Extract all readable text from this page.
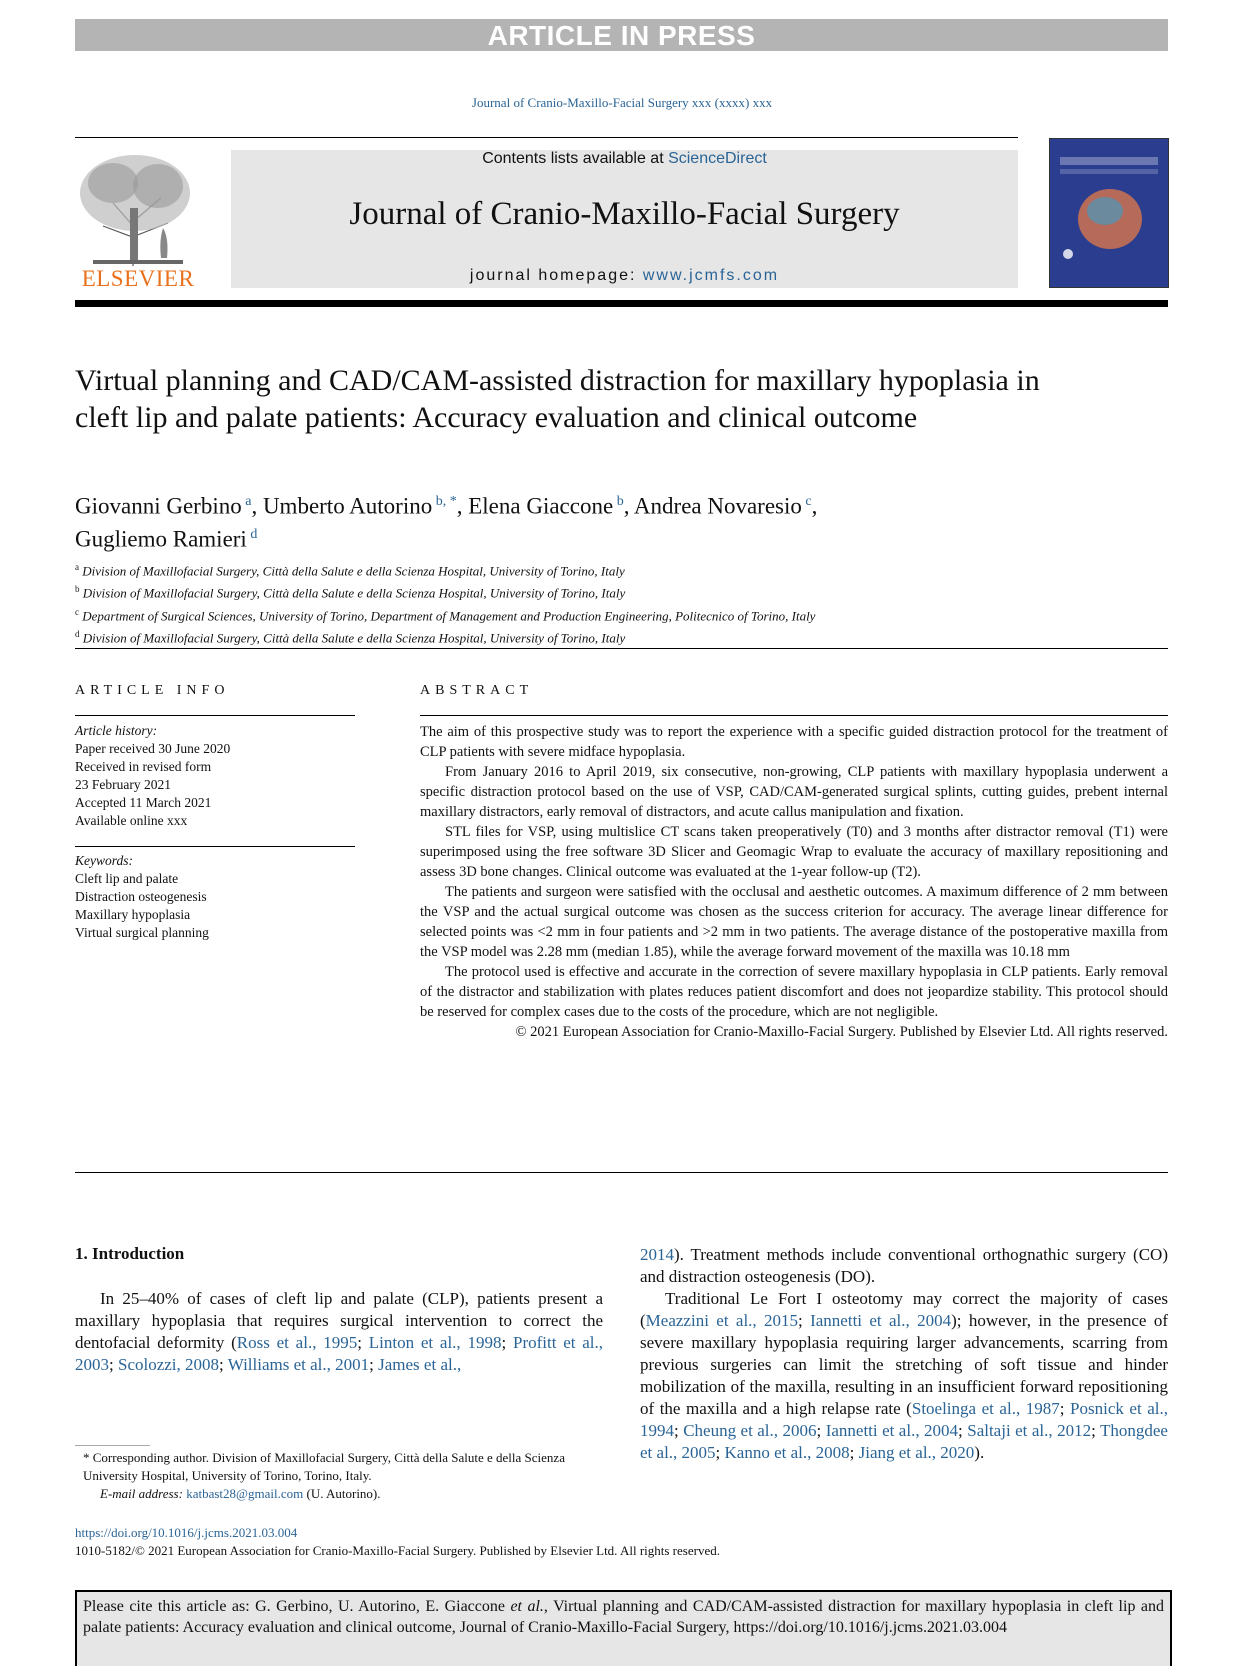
ARTICLE IN PRESS
Journal of Cranio-Maxillo-Facial Surgery xxx (xxxx) xxx
ELSEVIER
Contents lists available at ScienceDirect
Journal of Cranio-Maxillo-Facial Surgery
journal homepage: www.jcmfs.com
Virtual planning and CAD/CAM-assisted distraction for maxillary hypoplasia in cleft lip and palate patients: Accuracy evaluation and clinical outcome
Giovanni Gerbino $^a$, Umberto Autorino $^{b, *}$, Elena Giaccone $^b$, Andrea Novaresio $^c$,
Gugliemo Ramieri $^d$
$^a$ Division of Maxillofacial Surgery, Città della Salute e della Scienza Hospital, University of Torino, Italy
$^b$ Division of Maxillofacial Surgery, Città della Salute e della Scienza Hospital, University of Torino, Italy
$^c$ Department of Surgical Sciences, University of Torino, Department of Management and Production Engineering, Politecnico of Torino, Italy
$^d$ Division of Maxillofacial Surgery, Città della Salute e della Scienza Hospital, University of Torino, Italy
ARTICLE INFO
Article history:
Paper received 30 June 2020
Received in revised form
23 February 2021
Accepted 11 March 2021
Available online xxx
Keywords:
Cleft lip and palate
Distraction osteogenesis
Maxillary hypoplasia
Virtual surgical planning
ABSTRACT

The aim of this prospective study was to report the experience with a specific guided distraction protocol for the treatment of CLP patients with severe midface hypoplasia.

From January 2016 to April 2019, six consecutive, non-growing, CLP patients with maxillary hypoplasia underwent a specific distraction protocol based on the use of VSP, CAD/CAM-generated surgical splints, cutting guides, prebent internal maxillary distractors, early removal of distractors, and acute callus manipulation and fixation.

STL files for VSP, using multislice CT scans taken preoperatively (T0) and 3 months after distractor removal (T1) were superimposed using the free software 3D Slicer and Geomagic Wrap to evaluate the accuracy of maxillary repositioning and assess 3D bone changes. Clinical outcome was evaluated at the 1-year follow-up (T2).

The patients and surgeon were satisfied with the occlusal and aesthetic outcomes. A maximum difference of 2 mm between the VSP and the actual surgical outcome was chosen as the success criterion for accuracy. The average linear difference for selected points was <2 mm in four patients and >2 mm in two patients. The average distance of the postoperative maxilla from the VSP model was 2.28 mm (median 1.85), while the average forward movement of the maxilla was 10.18 mm

The protocol used is effective and accurate in the correction of severe maxillary hypoplasia in CLP patients. Early removal of the distractor and stabilization with plates reduces patient discomfort and does not jeopardize stability. This protocol should be reserved for complex cases due to the costs of the procedure, which are not negligible.

© 2021 European Association for Cranio-Maxillo-Facial Surgery. Published by Elsevier Ltd. All rights reserved.

1. Introduction
In 25–40% of cases of cleft lip and palate (CLP), patients present a maxillary hypoplasia that requires surgical intervention to correct the dentofacial deformity (Ross et al., 1995; Linton et al., 1998; Profitt et al., 2003; Scolozzi, 2008; Williams et al., 2001; James et al.,
* Corresponding author. Division of Maxillofacial Surgery, Città della Salute e della Scienza University Hospital, University of Torino, Torino, Italy.
E-mail address: katbast28@gmail.com (U. Autorino).

2014). Treatment methods include conventional orthognathic surgery (CO) and distraction osteogenesis (DO).

Traditional Le Fort I osteotomy may correct the majority of cases (Meazzini et al., 2015; Iannetti et al., 2004); however, in the presence of severe maxillary hypoplasia requiring larger advancements, scarring from previous surgeries can limit the stretching of soft tissue and hinder mobilization of the maxilla, resulting in an insufficient forward repositioning of the maxilla and a high relapse rate (Stoelinga et al., 1987; Posnick et al., 1994; Cheung et al., 2006; Iannetti et al., 2004; Saltaji et al., 2012; Thongdee et al., 2005; Kanno et al., 2008; Jiang et al., 2020).

https://doi.org/10.1016/j.jcms.2021.03.004
1010-5182/© 2021 European Association for Cranio-Maxillo-Facial Surgery. Published by Elsevier Ltd. All rights reserved.
Please cite this article as: G. Gerbino, U. Autorino, E. Giaccone et al., Virtual planning and CAD/CAM-assisted distraction for maxillary hypoplasia in cleft lip and palate patients: Accuracy evaluation and clinical outcome, Journal of Cranio-Maxillo-Facial Surgery, https://doi.org/10.1016/j.jcms.2021.03.004
